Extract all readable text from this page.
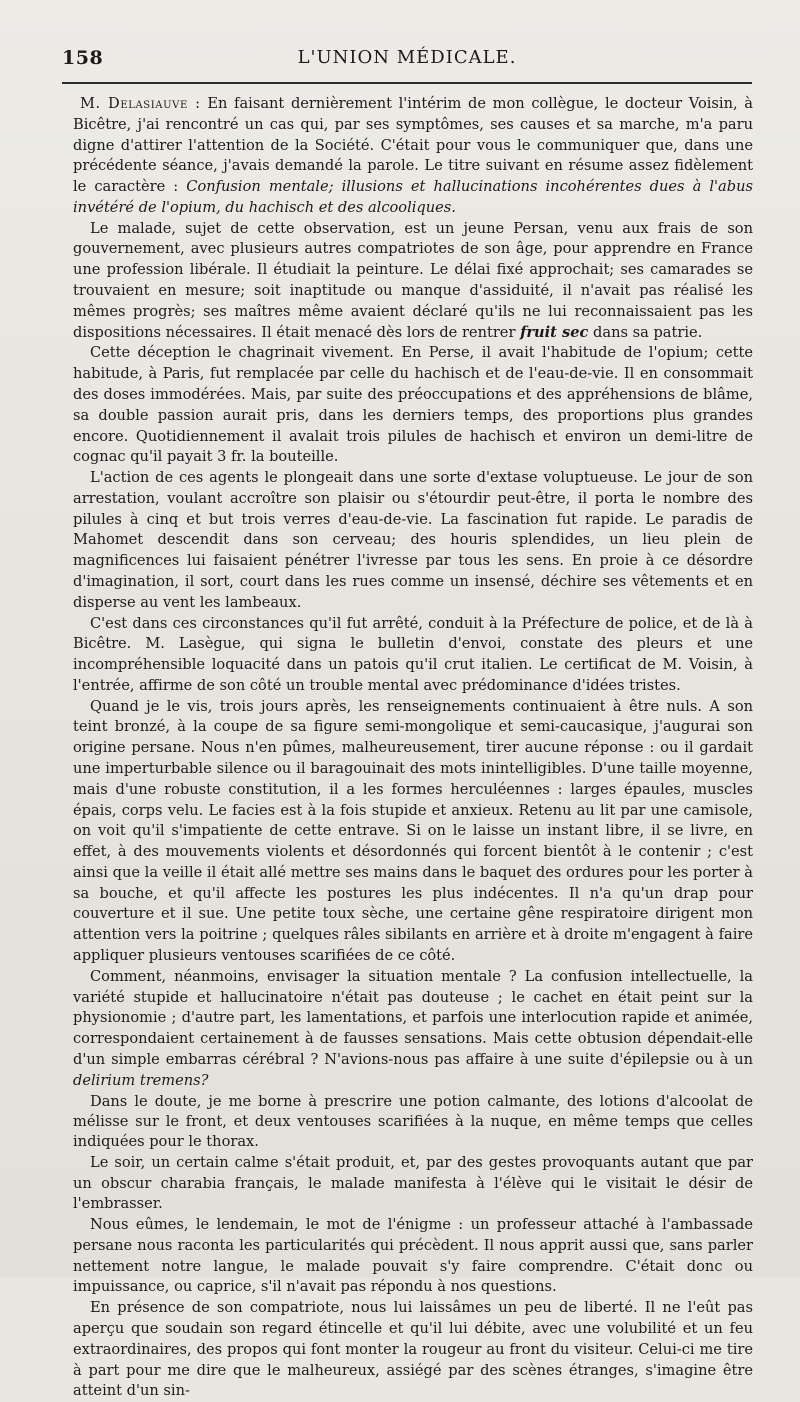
158	L'UNION MÉDICALE.

M. Delasiauve : En faisant dernièrement l'intérim de mon collègue, le docteur Voisin, à Bicêtre, j'ai rencontré un cas qui, par ses symptômes, ses causes et sa marche, m'a paru digne d'attirer l'attention de la Société. C'était pour vous le communiquer que, dans une précédente séance, j'avais demandé la parole. Le titre suivant en résume assez fidèlement le caractère : Confusion mentale; illusions et hallucinations incohérentes dues à l'abus invétéré de l'opium, du hachisch et des alcooliques.

Le malade, sujet de cette observation, est un jeune Persan, venu aux frais de son gouvernement, avec plusieurs autres compatriotes de son âge, pour apprendre en France une profession libérale. Il étudiait la peinture. Le délai fixé approchait; ses camarades se trouvaient en mesure; soit inaptitude ou manque d'assiduité, il n'avait pas réalisé les mêmes progrès; ses maîtres même avaient déclaré qu'ils ne lui reconnaissaient pas les dispositions nécessaires. Il était menacé dès lors de rentrer fruit sec dans sa patrie.

Cette déception le chagrinait vivement. En Perse, il avait l'habitude de l'opium; cette habitude, à Paris, fut remplacée par celle du hachisch et de l'eau-de-vie. Il en consommait des doses immodérées. Mais, par suite des préoccupations et des appréhensions de blâme, sa double passion aurait pris, dans les derniers temps, des proportions plus grandes encore. Quotidiennement il avalait trois pilules de hachisch et environ un demi-litre de cognac qu'il payait 3 fr. la bouteille.

L'action de ces agents le plongeait dans une sorte d'extase voluptueuse. Le jour de son arrestation, voulant accroître son plaisir ou s'étourdir peut-être, il porta le nombre des pilules à cinq et but trois verres d'eau-de-vie. La fascination fut rapide. Le paradis de Mahomet descendit dans son cerveau; des houris splendides, un lieu plein de magnificences lui faisaient pénétrer l'ivresse par tous les sens. En proie à ce désordre d'imagination, il sort, court dans les rues comme un insensé, déchire ses vêtements et en disperse au vent les lambeaux.

C'est dans ces circonstances qu'il fut arrêté, conduit à la Préfecture de police, et de là à Bicêtre. M. Lasègue, qui signa le bulletin d'envoi, constate des pleurs et une incompréhensible loquacité dans un patois qu'il crut italien. Le certificat de M. Voisin, à l'entrée, affirme de son côté un trouble mental avec prédominance d'idées tristes.

Quand je le vis, trois jours après, les renseignements continuaient à être nuls. A son teint bronzé, à la coupe de sa figure semi-mongolique et semi-caucasique, j'augurai son origine persane. Nous n'en pûmes, malheureusement, tirer aucune réponse : ou il gardait une imperturbable silence ou il baragouinait des mots inintelligibles. D'une taille moyenne, mais d'une robuste constitution, il a les formes herculéennes : larges épaules, muscles épais, corps velu. Le facies est à la fois stupide et anxieux. Retenu au lit par une camisole, on voit qu'il s'impatiente de cette entrave. Si on le laisse un instant libre, il se livre, en effet, à des mouvements violents et désordonnés qui forcent bientôt à le contenir ; c'est ainsi que la veille il était allé mettre ses mains dans le baquet des ordures pour les porter à sa bouche, et qu'il affecte les postures les plus indécentes. Il n'a qu'un drap pour couverture et il sue. Une petite toux sèche, une certaine gêne respiratoire dirigent mon attention vers la poitrine ; quelques râles sibilants en arrière et à droite m'engagent à faire appliquer plusieurs ventouses scarifiées de ce côté.

Comment, néanmoins, envisager la situation mentale ? La confusion intellectuelle, la variété stupide et hallucinatoire n'était pas douteuse ; le cachet en était peint sur la physionomie ; d'autre part, les lamentations, et parfois une interlocution rapide et animée, correspondaient certainement à de fausses sensations. Mais cette obtusion dépendait-elle d'un simple embarras cérébral ? N'avions-nous pas affaire à une suite d'épilepsie ou à un delirium tremens?

Dans le doute, je me borne à prescrire une potion calmante, des lotions d'alcoolat de mélisse sur le front, et deux ventouses scarifiées à la nuque, en même temps que celles indiquées pour le thorax.

Le soir, un certain calme s'était produit, et, par des gestes provoquants autant que par un obscur charabia français, le malade manifesta à l'élève qui le visitait le désir de l'embrasser.

Nous eûmes, le lendemain, le mot de l'énigme : un professeur attaché à l'ambassade persane nous raconta les particularités qui précèdent. Il nous apprit aussi que, sans parler nettement notre langue, le malade pouvait s'y faire comprendre. C'était donc ou impuissance, ou caprice, s'il n'avait pas répondu à nos questions.

En présence de son compatriote, nous lui laissâmes un peu de liberté. Il ne l'eût pas aperçu que soudain son regard étincelle et qu'il lui débite, avec une volubilité et un feu extraordinaires, des propos qui font monter la rougeur au front du visiteur. Celui-ci me tire à part pour me dire que le malheureux, assiégé par des scènes étranges, s'imagine être atteint d'un sin-
